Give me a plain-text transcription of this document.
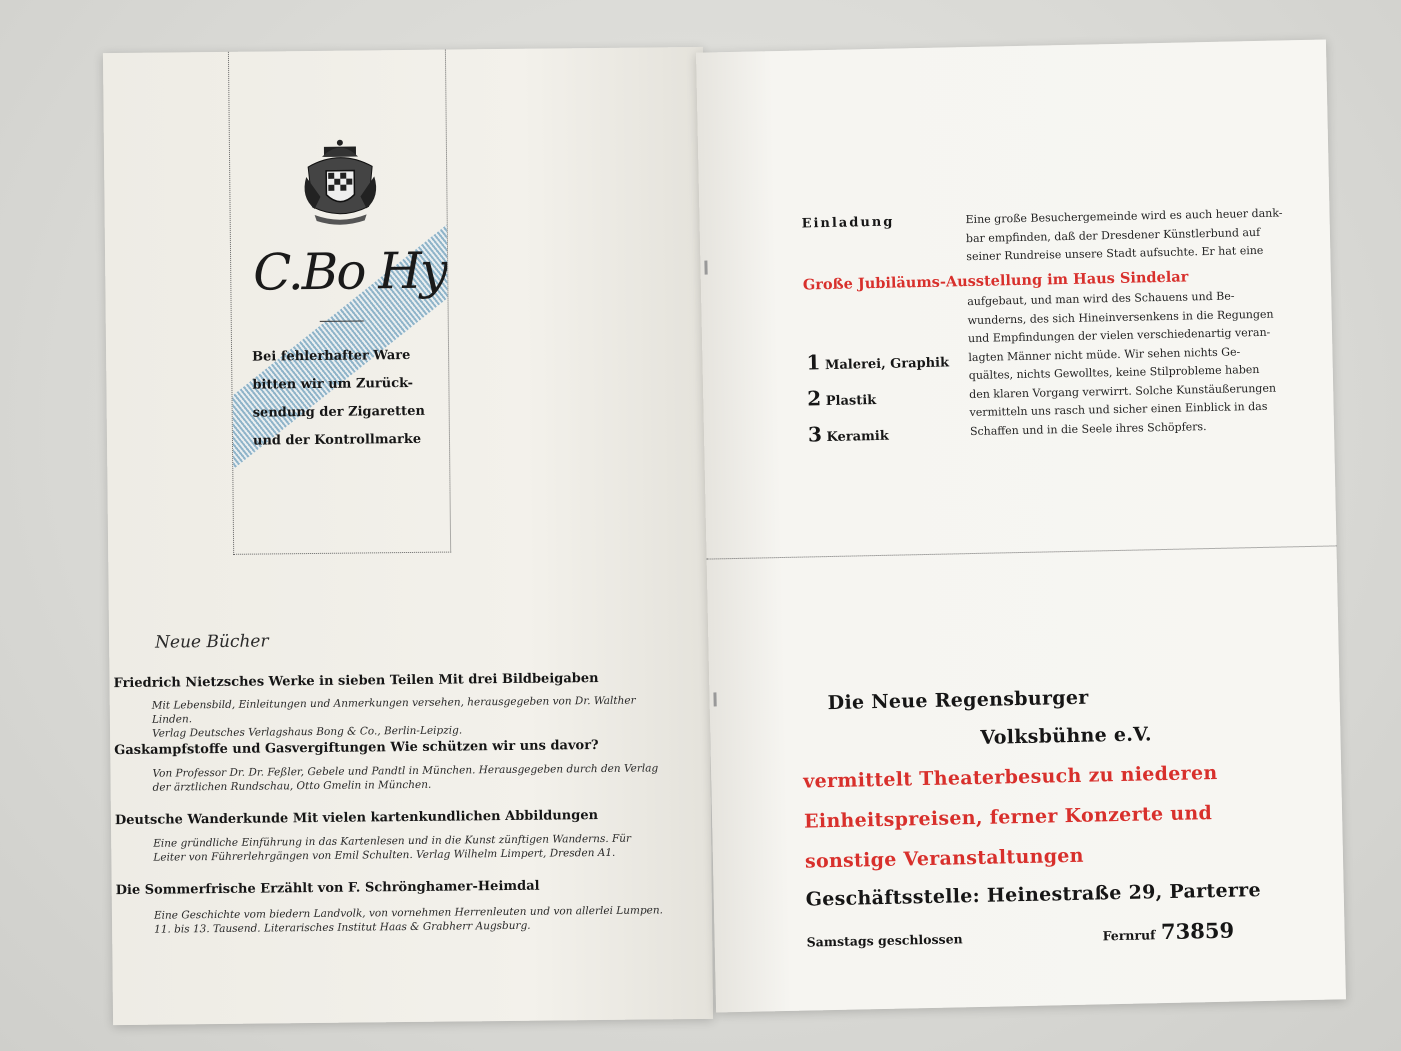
C.Bo Hy
Bei fehlerhafter Ware
bitten wir um Zurück-
sendung der Zigaretten
und der Kontrollmarke
Neue Bücher
Friedrich Nietzsches Werke in sieben Teilen Mit drei Bildbeigaben
Mit Lebensbild, Einleitungen und Anmerkungen versehen, herausgegeben von Dr. Walther Linden.
Verlag Deutsches Verlagshaus Bong & Co., Berlin-Leipzig.
Gaskampfstoffe und Gasvergiftungen Wie schützen wir uns davor?
Von Professor Dr. Dr. Feßler, Gebele und Pandtl in München. Herausgegeben durch den Verlag
der ärztlichen Rundschau, Otto Gmelin in München.
Deutsche Wanderkunde Mit vielen kartenkundlichen Abbildungen
Eine gründliche Einführung in das Kartenlesen und in die Kunst zünftigen Wanderns. Für
Leiter von Führerlehrgängen von Emil Schulten. Verlag Wilhelm Limpert, Dresden A1.
Die Sommerfrische Erzählt von F. Schrönghamer-Heimdal
Eine Geschichte vom biedern Landvolk, von vornehmen Herrenleuten und von allerlei Lumpen.
11. bis 13. Tausend. Literarisches Institut Haas & Grabherr Augsburg.
Einladung	Eine große Besuchergemeinde wird es auch heuer dank-
bar empfinden, daß der Dresdener Künstlerbund auf
seiner Rundreise unsere Stadt aufsuchte. Er hat eine
Große Jubiläums-Ausstellung im Haus Sindelar
1 Malerei, Graphik
2 Plastik
3 Keramik
aufgebaut, und man wird des Schauens und Be-
wunderns, des sich Hineinversenkens in die Regungen
und Empfindungen der vielen verschiedenartig veran-
lagten Männer nicht müde. Wir sehen nichts Ge-
quältes, nichts Gewolltes, keine Stilprobleme haben
den klaren Vorgang verwirrt. Solche Kunstäußerungen
vermitteln uns rasch und sicher einen Einblick in das
Schaffen und in die Seele ihres Schöpfers.
Die Neue Regensburger
Volksbühne e.V.
vermittelt Theaterbesuch zu niederen
Einheitspreisen, ferner Konzerte und
sonstige Veranstaltungen
Geschäftsstelle: Heinestraße 29, Parterre
Samstags geschlossen	Fernruf 73859
